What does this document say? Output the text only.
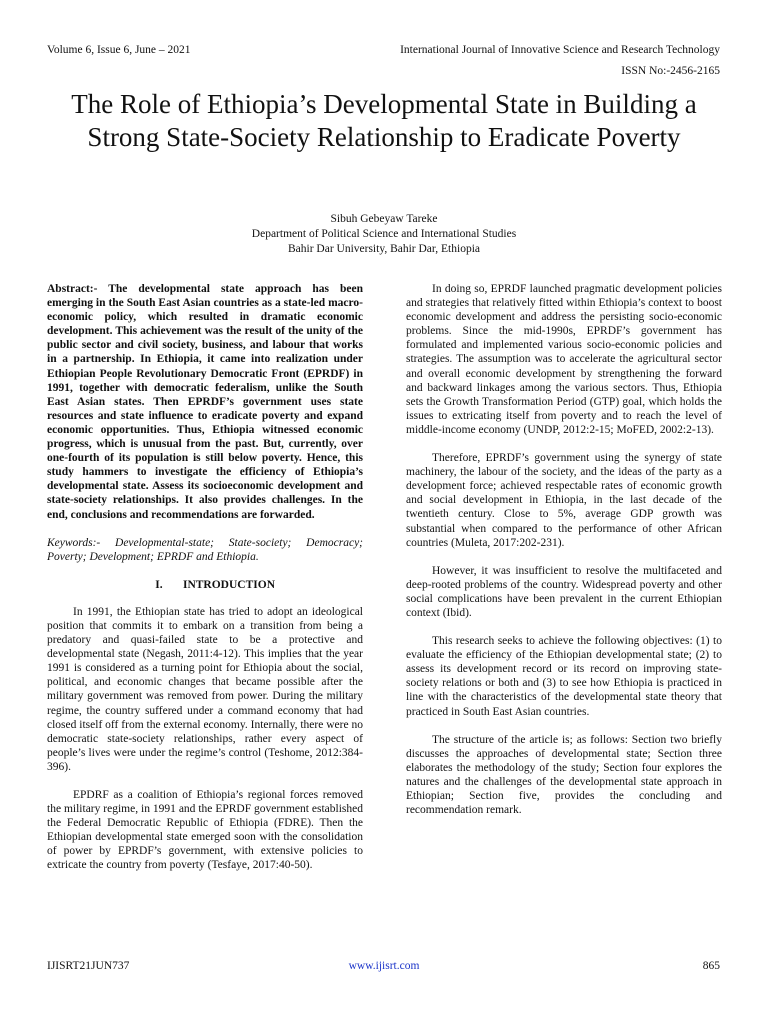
Volume 6, Issue 6, June – 2021	International Journal of Innovative Science and Research Technology
ISSN No:-2456-2165
The Role of Ethiopia’s Developmental State in Building a Strong State-Society Relationship to Eradicate Poverty
Sibuh Gebeyaw Tareke
Department of Political Science and International Studies
Bahir Dar University, Bahir Dar, Ethiopia

Abstract:- The developmental state approach has been emerging in the South East Asian countries as a state-led macro-economic policy, which resulted in dramatic economic development. This achievement was the result of the unity of the public sector and civil society, business, and labour that works in a partnership. In Ethiopia, it came into realization under Ethiopian People Revolutionary Democratic Front (EPRDF) in 1991, together with democratic federalism, unlike the South East Asian states. Then EPRDF’s government uses state resources and state influence to eradicate poverty and expand economic opportunities. Thus, Ethiopia witnessed economic progress, which is unusual from the past. But, currently, over one-fourth of its population is still below poverty. Hence, this study hammers to investigate the efficiency of Ethiopia’s developmental state. Assess its socioeconomic development and state-society relationships. It also provides challenges. In the end, conclusions and recommendations are forwarded.

Keywords:- Developmental-state; State-society; Democracy; Poverty; Development; EPRDF and Ethiopia.

I. INTRODUCTION

In 1991, the Ethiopian state has tried to adopt an ideological position that commits it to embark on a transition from being a predatory and quasi-failed state to be a protective and developmental state (Negash, 2011:4-12). This implies that the year 1991 is considered as a turning point for Ethiopia about the social, political, and economic changes that became possible after the military government was removed from power. During the military regime, the country suffered under a command economy that had closed itself off from the external economy. Internally, there were no democratic state-society relationships, rather every aspect of people’s lives were under the regime’s control (Teshome, 2012:384-396).

EPDRF as a coalition of Ethiopia’s regional forces removed the military regime, in 1991 and the EPRDF government established the Federal Democratic Republic of Ethiopia (FDRE). Then the Ethiopian developmental state emerged soon with the consolidation of power by EPRDF’s government, with extensive policies to extricate the country from poverty (Tesfaye, 2017:40-50).

In doing so, EPRDF launched pragmatic development policies and strategies that relatively fitted within Ethiopia’s context to boost economic development and address the persisting socio-economic problems. Since the mid-1990s, EPRDF’s government has formulated and implemented various socio-economic policies and strategies. The assumption was to accelerate the agricultural sector and overall economic development by strengthening the forward and backward linkages among the various sectors. Thus, Ethiopia sets the Growth Transformation Period (GTP) goal, which holds the issues to extricating itself from poverty and to reach the level of middle-income economy (UNDP, 2012:2-15; MoFED, 2002:2-13).

Therefore, EPRDF’s government using the synergy of state machinery, the labour of the society, and the ideas of the party as a development force; achieved respectable rates of economic growth and social development in Ethiopia, in the last decade of the twentieth century. Close to 5%, average GDP growth was substantial when compared to the performance of other African countries (Muleta, 2017:202-231).

However, it was insufficient to resolve the multifaceted and deep-rooted problems of the country. Widespread poverty and other social complications have been prevalent in the current Ethiopian context (Ibid).

This research seeks to achieve the following objectives: (1) to evaluate the efficiency of the Ethiopian developmental state; (2) to assess its development record or its record on improving state-society relations or both and (3) to see how Ethiopia is practiced in line with the characteristics of the developmental state theory that practiced in South East Asian countries.

The structure of the article is; as follows: Section two briefly discusses the approaches of developmental state; Section three elaborates the methodology of the study; Section four explores the natures and the challenges of the developmental state approach in Ethiopian; Section five, provides the concluding and recommendation remark.

IJISRT21JUN737	www.ijisrt.com	865
